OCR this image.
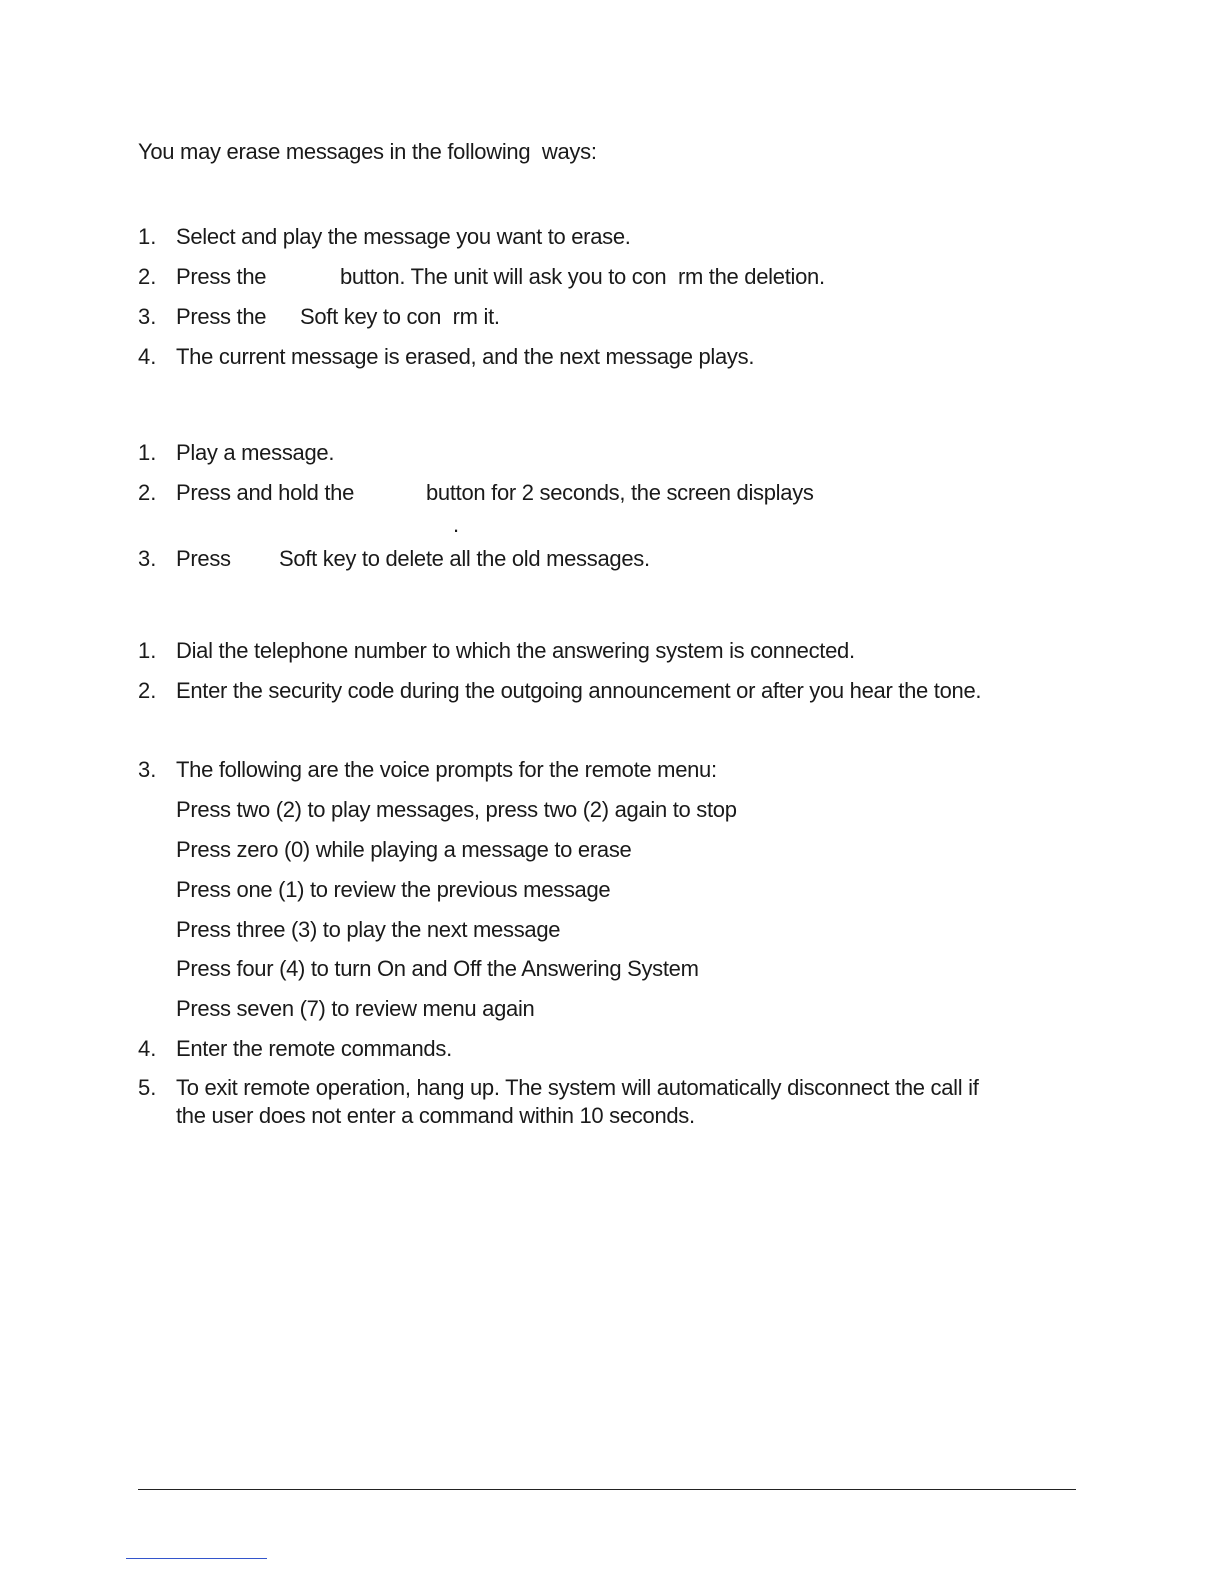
You may erase messages in the following  ways:
1. Select and play the message you want to erase.
2. Press the	button. The unit will ask you to con  rm the deletion.
3. Press the Soft key to con  rm it.
4. The current message is erased, and the next message plays.
1. Play a message.
2. Press and hold the	button for 2 seconds, the screen displays
.
3. Press Soft key to delete all the old messages.
1. Dial the telephone number to which the answering system is connected.
2. Enter the security code during the outgoing announcement or after you hear the tone.
3. The following are the voice prompts for the remote menu:
Press two (2) to play messages, press two (2) again to stop
Press zero (0) while playing a message to erase
Press one (1) to review the previous message
Press three (3) to play the next message
Press four (4) to turn On and Off the Answering System
Press seven (7) to review menu again
4. Enter the remote commands.
5. To exit remote operation, hang up. The system will automatically disconnect the call if
the user does not enter a command within 10 seconds.
